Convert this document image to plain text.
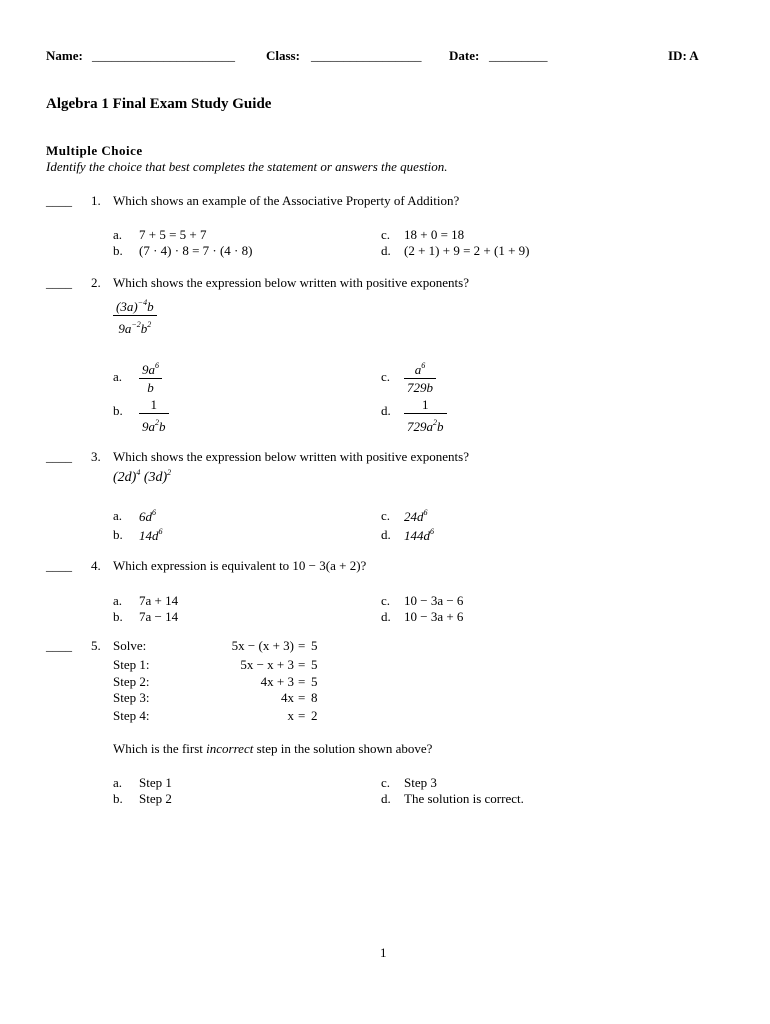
Name: ______________________ Class: _________________ Date: _________	ID: A
Algebra 1 Final Exam Study Guide
Multiple Choice
Identify the choice that best completes the statement or answers the question.
____ 1. Which shows an example of the Associative Property of Addition?
a. 7 + 5 = 5 + 7
b. (7 · 4) · 8 = 7 · (4 · 8)
c. 18 + 0 = 18
d. (2 + 1) + 9 = 2 + (1 + 9)
____ 2. Which shows the expression below written with positive exponents?
$(3a)^{-4}b$
$9a^{-2}b^2$
a. $9a^6$
b
b. 1
$9a^2b$
c. $a^6$
729b
d. 1
$729a^2b$
____ 3. Which shows the expression below written with positive exponents?
$(2d)^4$ $(3d)^2$
a. $6d^6$
b. $14d^6$
c. $24d^6$
d. $144d^6$
____ 4. Which expression is equivalent to 10 − 3(a + 2)?
a. 7a + 14
b. 7a − 14
c. 10 − 3a − 6
d. 10 − 3a + 6
____ 5. Solve:	5x − (x + 3) = 5
Step 1:	5x − x + 3 = 5
Step 2:	4x + 3 = 5
Step 3:	4x = 8
Step 4:	x = 2
Which is the first incorrect step in the solution shown above?
a. Step 1
b. Step 2
c. Step 3
d. The solution is correct.
1
